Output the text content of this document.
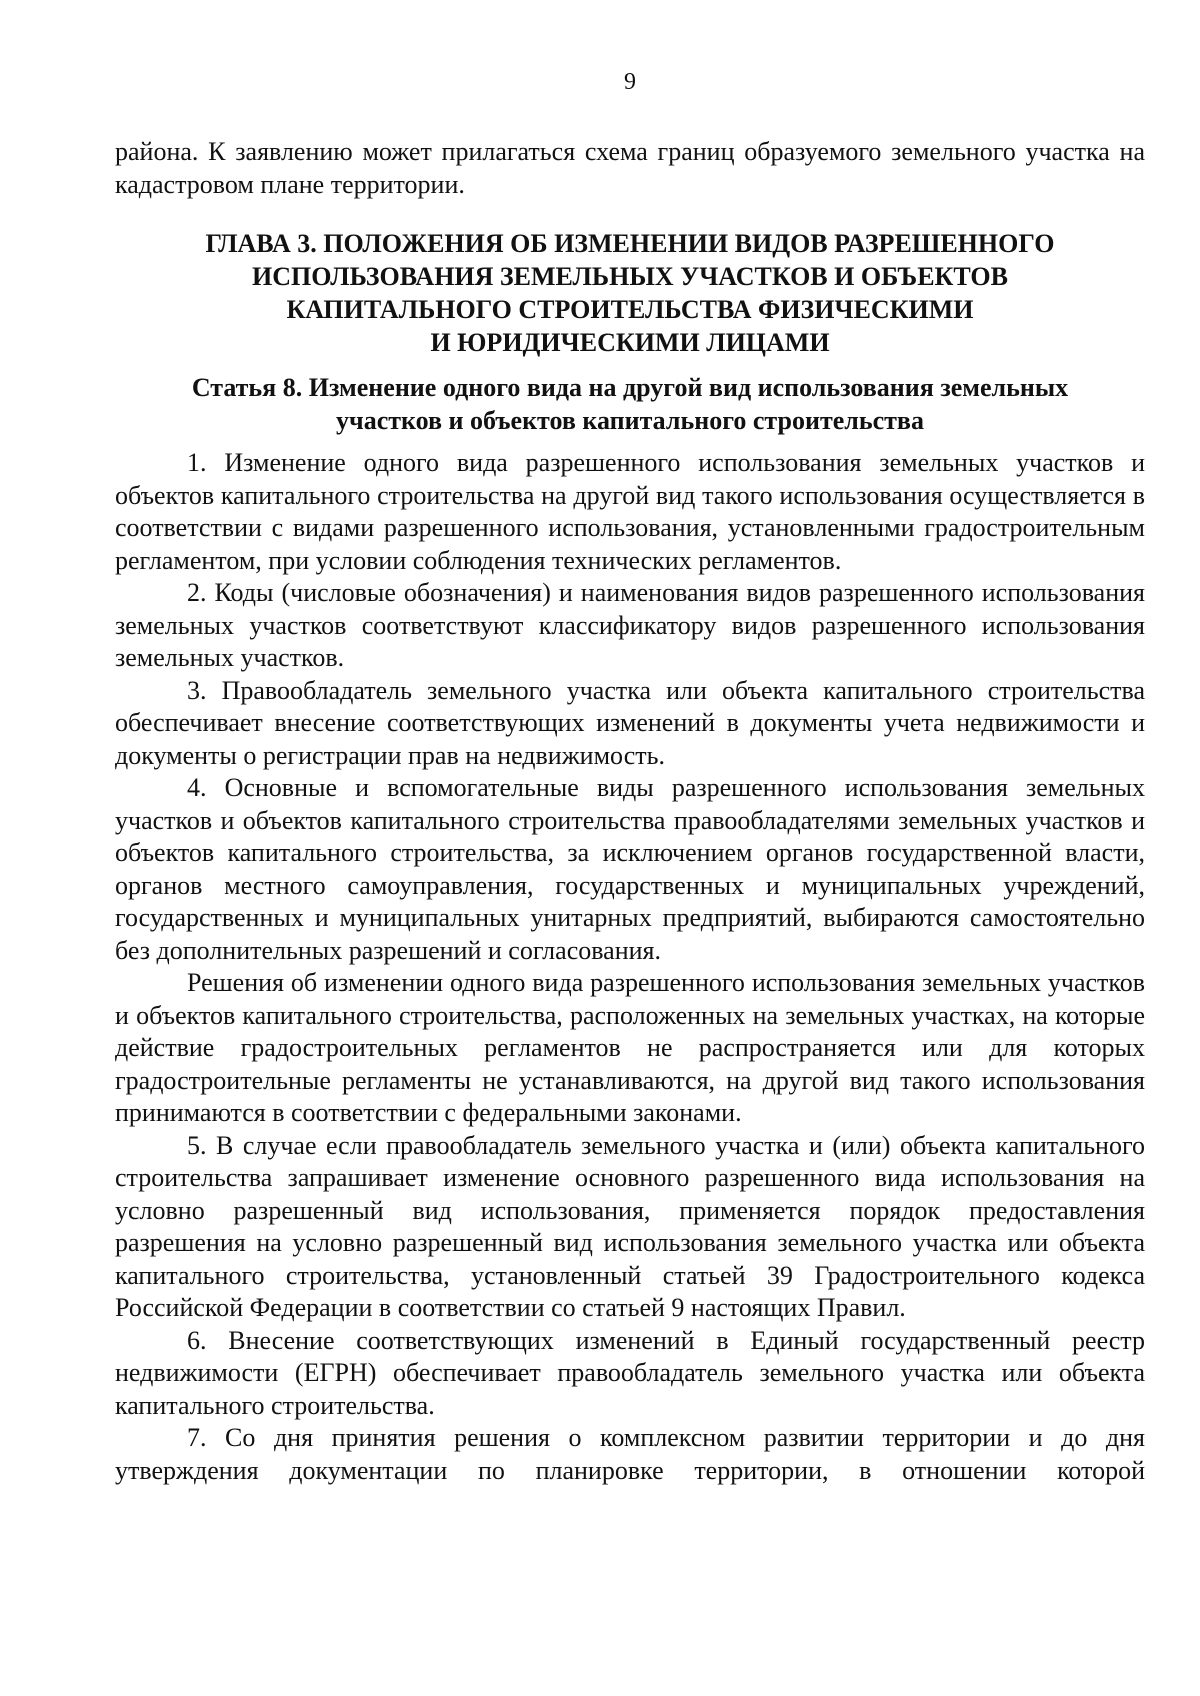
9

района. К заявлению может прилагаться схема границ образуемого земельного участка на кадастровом плане территории.

ГЛАВА 3. ПОЛОЖЕНИЯ ОБ ИЗМЕНЕНИИ ВИДОВ РАЗРЕШЕННОГО
ИСПОЛЬЗОВАНИЯ ЗЕМЕЛЬНЫХ УЧАСТКОВ И ОБЪЕКТОВ
КАПИТАЛЬНОГО СТРОИТЕЛЬСТВА ФИЗИЧЕСКИМИ
И ЮРИДИЧЕСКИМИ ЛИЦАМИ
Статья 8. Изменение одного вида на другой вид использования земельных
участков и объектов капитального строительства

1. Изменение одного вида разрешенного использования земельных участков и объектов капитального строительства на другой вид такого использования осуществляется в соответствии с видами разрешенного использования, установленными градостроительным регламентом, при условии соблюдения технических регламентов.

2. Коды (числовые обозначения) и наименования видов разрешенного использования земельных участков соответствуют классификатору видов разрешенного использования земельных участков.

3. Правообладатель земельного участка или объекта капитального строительства обеспечивает внесение соответствующих изменений в документы учета недвижимости и документы о регистрации прав на недвижимость.

4. Основные и вспомогательные виды разрешенного использования земельных участков и объектов капитального строительства правообладателями земельных участков и объектов капитального строительства, за исключением органов государственной власти, органов местного самоуправления, государственных и муниципальных учреждений, государственных и муниципальных унитарных предприятий, выбираются самостоятельно без дополнительных разрешений и согласования.

Решения об изменении одного вида разрешенного использования земельных участков и объектов капитального строительства, расположенных на земельных участках, на которые действие градостроительных регламентов не распространяется или для которых градостроительные регламенты не устанавливаются, на другой вид такого использования принимаются в соответствии с федеральными законами.

5. В случае если правообладатель земельного участка и (или) объекта капитального строительства запрашивает изменение основного разрешенного вида использования на условно разрешенный вид использования, применяется порядок предоставления разрешения на условно разрешенный вид использования земельного участка или объекта капитального строительства, установленный статьей 39 Градостроительного кодекса Российской Федерации в соответствии со статьей 9 настоящих Правил.

6. Внесение соответствующих изменений в Единый государственный реестр недвижимости (ЕГРН) обеспечивает правообладатель земельного участка или объекта капитального строительства.

7. Со дня принятия решения о комплексном развитии территории и до дня утверждения документации по планировке территории, в отношении которой
